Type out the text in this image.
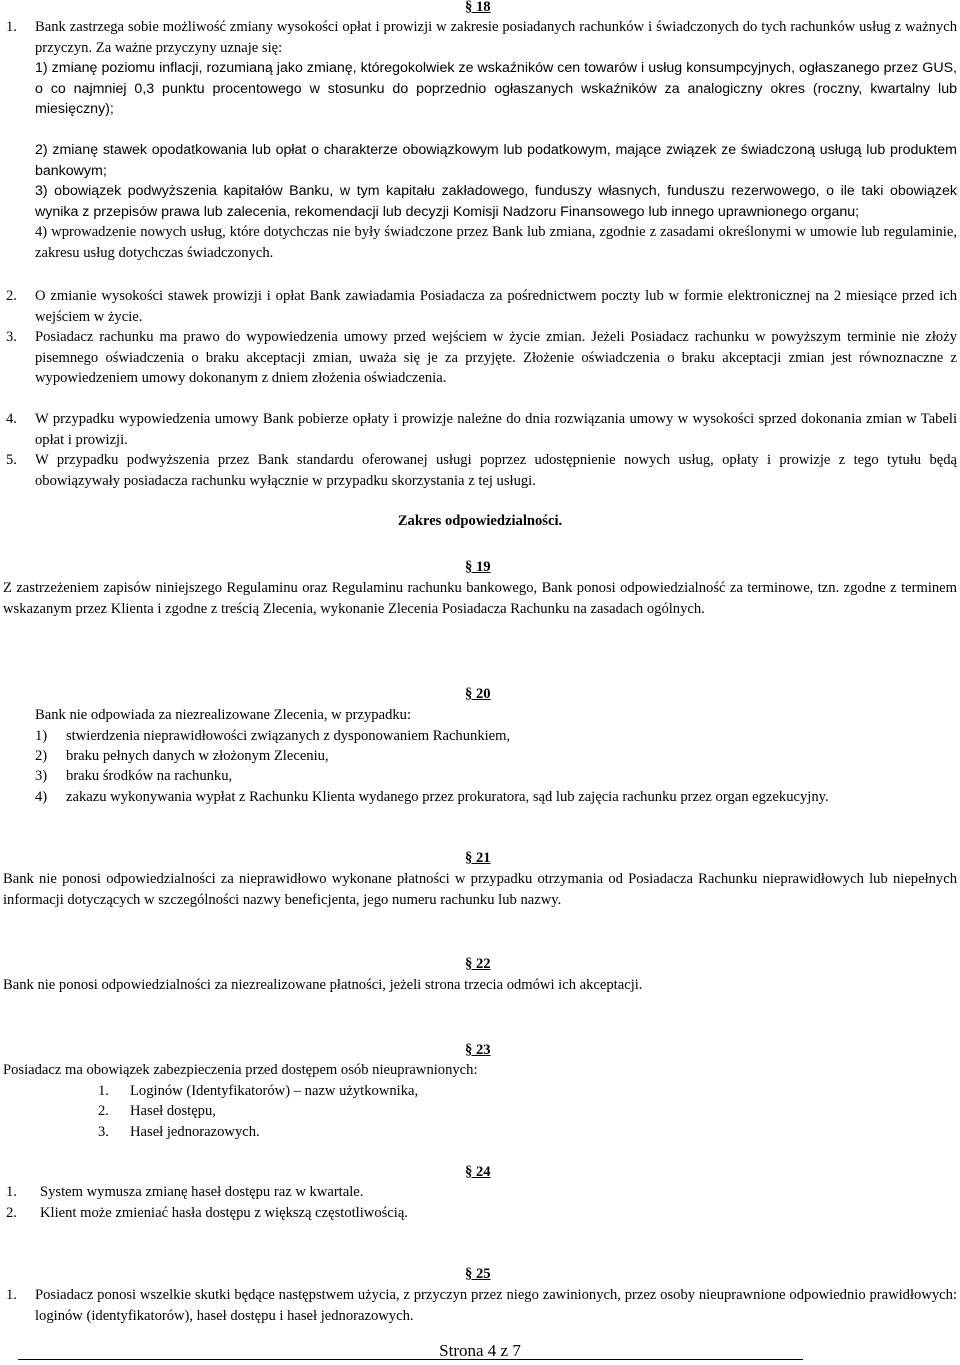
§ 18
1. Bank zastrzega sobie możliwość zmiany wysokości opłat i prowizji w zakresie posiadanych rachunków i świadczonych do tych rachunków usług z ważnych przyczyn. Za ważne przyczyny uznaje się:
1) zmianę poziomu inflacji, rozumianą jako zmianę, któregokolwiek ze wskaźników cen towarów i usług konsumpcyjnych, ogłaszanego przez GUS, o co najmniej 0,3 punktu procentowego w stosunku do poprzednio ogłaszanych wskaźników za analogiczny okres (roczny, kwartalny lub miesięczny);
2) zmianę stawek opodatkowania lub opłat o charakterze obowiązkowym lub podatkowym, mające związek ze świadczoną usługą lub produktem bankowym;
3) obowiązek podwyższenia kapitałów Banku, w tym kapitału zakładowego, funduszy własnych, funduszu rezerwowego, o ile taki obowiązek wynika z przepisów prawa lub zalecenia, rekomendacji lub decyzji Komisji Nadzoru Finansowego lub innego uprawnionego organu;
4) wprowadzenie nowych usług, które dotychczas nie były świadczone przez Bank lub zmiana, zgodnie z zasadami określonymi w umowie lub regulaminie, zakresu usług dotychczas świadczonych.
2. O zmianie wysokości stawek prowizji i opłat Bank zawiadamia Posiadacza za pośrednictwem poczty lub w formie elektronicznej na 2 miesiące przed ich wejściem w życie.
3. Posiadacz rachunku ma prawo do wypowiedzenia umowy przed wejściem w życie zmian. Jeżeli Posiadacz rachunku w powyższym terminie nie złoży pisemnego oświadczenia o braku akceptacji zmian, uważa się je za przyjęte. Złożenie oświadczenia o braku akceptacji zmian jest równoznaczne z wypowiedzeniem umowy dokonanym z dniem złożenia oświadczenia.
4. W przypadku wypowiedzenia umowy Bank pobierze opłaty i prowizje należne do dnia rozwiązania umowy w wysokości sprzed dokonania zmian w Tabeli opłat i prowizji.
5. W przypadku podwyższenia przez Bank standardu oferowanej usługi poprzez udostępnienie nowych usług, opłaty i prowizje z tego tytułu będą obowiązywały posiadacza rachunku wyłącznie w przypadku skorzystania z tej usługi.
Zakres odpowiedzialności.
§ 19
Z zastrzeżeniem zapisów niniejszego Regulaminu oraz Regulaminu rachunku bankowego, Bank ponosi odpowiedzialność za terminowe, tzn. zgodne z terminem wskazanym przez Klienta i zgodne z treścią Zlecenia, wykonanie Zlecenia Posiadacza Rachunku na zasadach ogólnych.
§ 20
Bank nie odpowiada za niezrealizowane Zlecenia, w przypadku:
1) stwierdzenia nieprawidłowości związanych z dysponowaniem Rachunkiem,
2) braku pełnych danych w złożonym Zleceniu,
3) braku środków na rachunku,
4) zakazu wykonywania wypłat z Rachunku Klienta wydanego przez prokuratora, sąd lub zajęcia rachunku przez organ egzekucyjny.
§ 21
Bank nie ponosi odpowiedzialności za nieprawidłowo wykonane płatności w przypadku otrzymania od Posiadacza Rachunku nieprawidłowych lub niepełnych informacji dotyczących w szczególności nazwy beneficjenta, jego numeru rachunku lub nazwy.
§ 22
Bank nie ponosi odpowiedzialności za niezrealizowane płatności, jeżeli strona trzecia odmówi ich akceptacji.
§ 23
Posiadacz ma obowiązek zabezpieczenia przed dostępem osób nieuprawnionych:
1. Loginów (Identyfikatorów) – nazw użytkownika,
2. Haseł dostępu,
3. Haseł jednorazowych.
§ 24
1. System wymusza zmianę haseł dostępu raz w kwartale.
2. Klient może zmieniać hasła dostępu z większą częstotliwością.
§ 25
1. Posiadacz ponosi wszelkie skutki będące następstwem użycia, z przyczyn przez niego zawinionych, przez osoby nieuprawnione odpowiednio prawidłowych: loginów (identyfikatorów), haseł dostępu i haseł jednorazowych.
Strona 4 z 7
